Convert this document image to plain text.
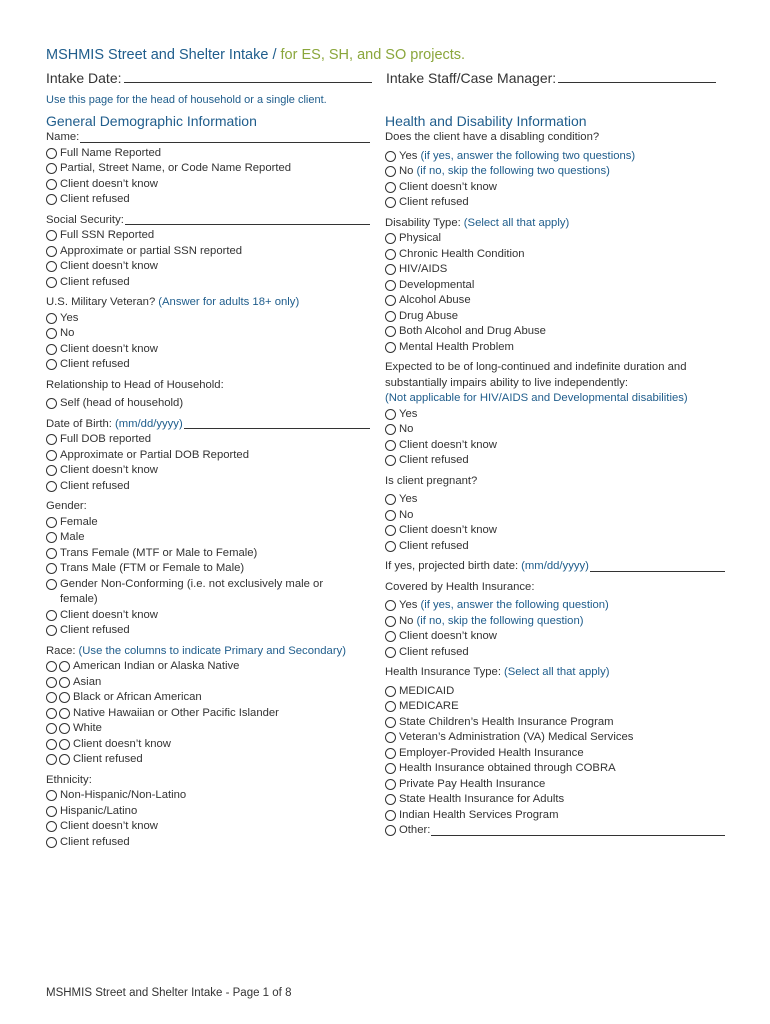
MSHMIS Street and Shelter Intake / for ES, SH, and SO projects.
Intake Date:	Intake Staff/Case Manager:
Use this page for the head of household or a single client.
General Demographic Information
Name:
Full Name Reported
Partial, Street Name, or Code Name Reported
Client doesn’t know
Client refused
Social Security:
Full SSN Reported
Approximate or partial SSN reported
Client doesn’t know
Client refused
U.S. Military Veteran? (Answer for adults 18+ only)
Yes
No
Client doesn’t know
Client refused
Relationship to Head of Household:
Self (head of household)
Date of Birth: (mm/dd/yyyy)
Full DOB reported
Approximate or Partial DOB Reported
Client doesn’t know
Client refused
Gender:
Female
Male
Trans Female (MTF or Male to Female)
Trans Male (FTM or Female to Male)
Gender Non-Conforming (i.e. not exclusively male or female)
Client doesn’t know
Client refused
Race: (Use the columns to indicate Primary and Secondary)
American Indian or Alaska Native
Asian
Black or African American
Native Hawaiian or Other Pacific Islander
White
Client doesn’t know
Client refused
Ethnicity:
Non-Hispanic/Non-Latino
Hispanic/Latino
Client doesn’t know
Client refused
Health and Disability Information
Does the client have a disabling condition?
Yes (if yes, answer the following two questions)
No (if no, skip the following two questions)
Client doesn’t know
Client refused
Disability Type: (Select all that apply)
Physical
Chronic Health Condition
HIV/AIDS
Developmental
Alcohol Abuse
Drug Abuse
Both Alcohol and Drug Abuse
Mental Health Problem
Expected to be of long-continued and indefinite duration and substantially impairs ability to live independently:
(Not applicable for HIV/AIDS and Developmental disabilities)
Yes
No
Client doesn’t know
Client refused
Is client pregnant?
Yes
No
Client doesn’t know
Client refused
If yes, projected birth date: (mm/dd/yyyy)
Covered by Health Insurance:
Yes (if yes, answer the following question)
No (if no, skip the following question)
Client doesn’t know
Client refused
Health Insurance Type: (Select all that apply)
MEDICAID
MEDICARE
State Children’s Health Insurance Program
Veteran’s Administration (VA) Medical Services
Employer-Provided Health Insurance
Health Insurance obtained through COBRA
Private Pay Health Insurance
State Health Insurance for Adults
Indian Health Services Program
Other:
MSHMIS Street and Shelter Intake - Page 1 of 8
